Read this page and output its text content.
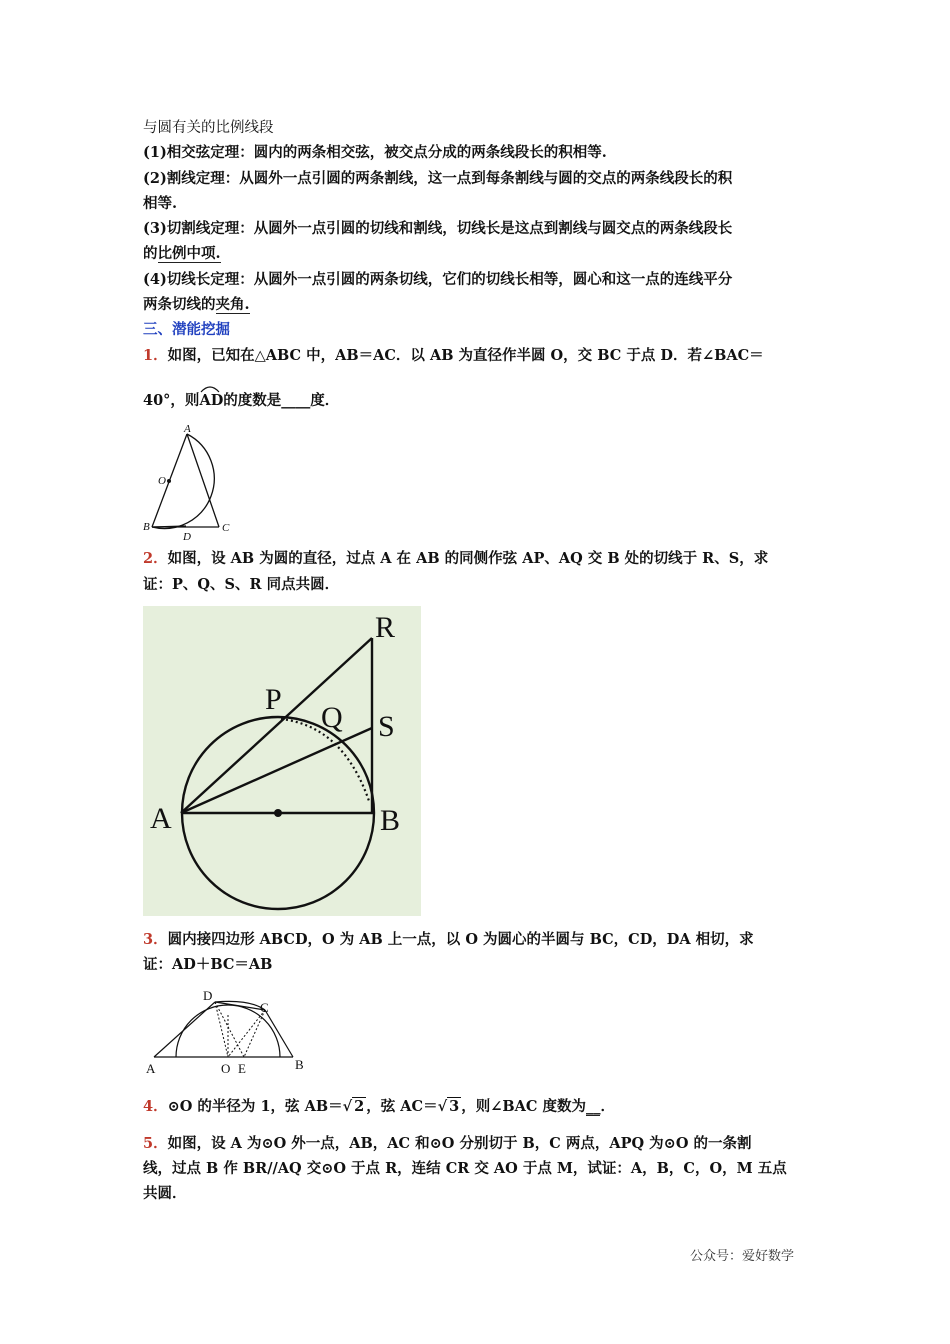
与圆有关的比例线段
(1)相交弦定理：圆内的两条相交弦，被交点分成的两条线段长的积相等.
(2)割线定理：从圆外一点引圆的两条割线，这一点到每条割线与圆的交点的两条线段长的积
相等.
(3)切割线定理：从圆外一点引圆的切线和割线，切线长是这点到割线与圆交点的两条线段长
的比例中项.
(4)切线长定理：从圆外一点引圆的两条切线，它们的切线长相等，圆心和这一点的连线平分
两条切线的夹角.
三、潜能挖掘
1．如图，已知在△ABC 中，AB＝AC．以 AB 为直径作半圆 O，交 BC 于点 D．若∠BAC＝
40°，则
AD的度数是____度．
A
O
B	C
D
2．如图，设 AB 为圆的直径，过点 A 在 AB 的同侧作弦 AP、AQ 交 B 处的切线于 R、S，求
证：P、Q、S、R 同点共圆．
R
P
Q S
A	B
3．圆内接四边形 ABCD，O 为 AB 上一点，以 O 为圆心的半圆与 BC，CD，DA 相切，求
证：AD＋BC＝AB
D
C
A	O E	B
4．⊙O 的半径为 1，弦 AB＝√ 2 ，弦 AC＝√ 3 ，则∠BAC 度数为__．
5．如图，设 A 为⊙O 外一点，AB，AC 和⊙O 分别切于 B，C 两点，APQ 为⊙O 的一条割
线，过点 B 作 BR//AQ 交⊙O 于点 R，连结 CR 交 AO 于点 M，试证：A，B，C，O，M 五点
共圆．
公众号：爱好数学
